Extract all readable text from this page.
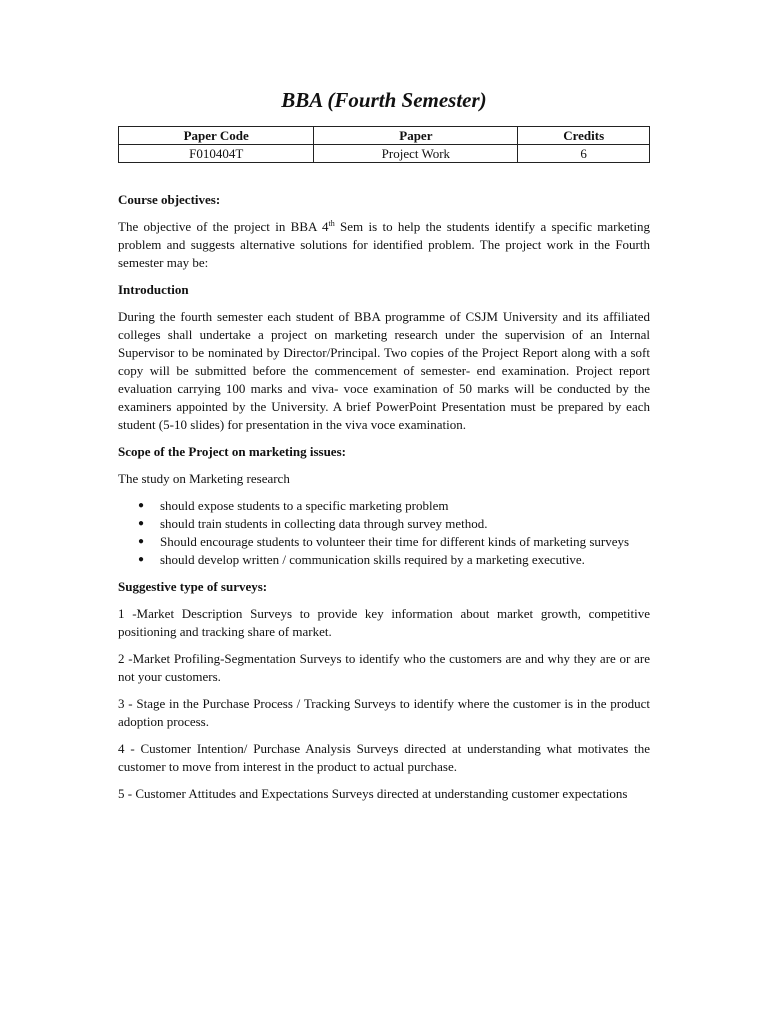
BBA (Fourth Semester)
Paper Code	Paper	Credits
F010404T	Project Work	6
Course objectives:

The objective of the project in BBA 4th Sem is to help the students identify a specific marketing problem and suggests alternative solutions for identified problem. The project work in the Fourth semester may be:

Introduction

During the fourth semester each student of BBA programme of CSJM University and its affiliated colleges shall undertake a project on marketing research under the supervision of an Internal Supervisor to be nominated by Director/Principal. Two copies of the Project Report along with a soft copy will be submitted before the commencement of semester- end examination. Project report evaluation carrying 100 marks and viva- voce examination of 50 marks will be conducted by the examiners appointed by the University. A brief PowerPoint Presentation must be prepared by each student (5-10 slides) for presentation in the viva voce examination.

Scope of the Project on marketing issues:

The study on Marketing research

● should expose students to a specific marketing problem
● should train students in collecting data through survey method.
● Should encourage students to volunteer their time for different kinds of marketing surveys
● should develop written / communication skills required by a marketing executive.
Suggestive type of surveys:

1 -Market Description Surveys to provide key information about market growth, competitive positioning and tracking share of market.

2 -Market Profiling-Segmentation Surveys to identify who the customers are and why they are or are not your customers.

3 - Stage in the Purchase Process / Tracking Surveys to identify where the customer is in the product adoption process.

4 - Customer Intention/ Purchase Analysis Surveys directed at understanding what motivates the customer to move from interest in the product to actual purchase.

5 - Customer Attitudes and Expectations Surveys directed at understanding customer expectations
